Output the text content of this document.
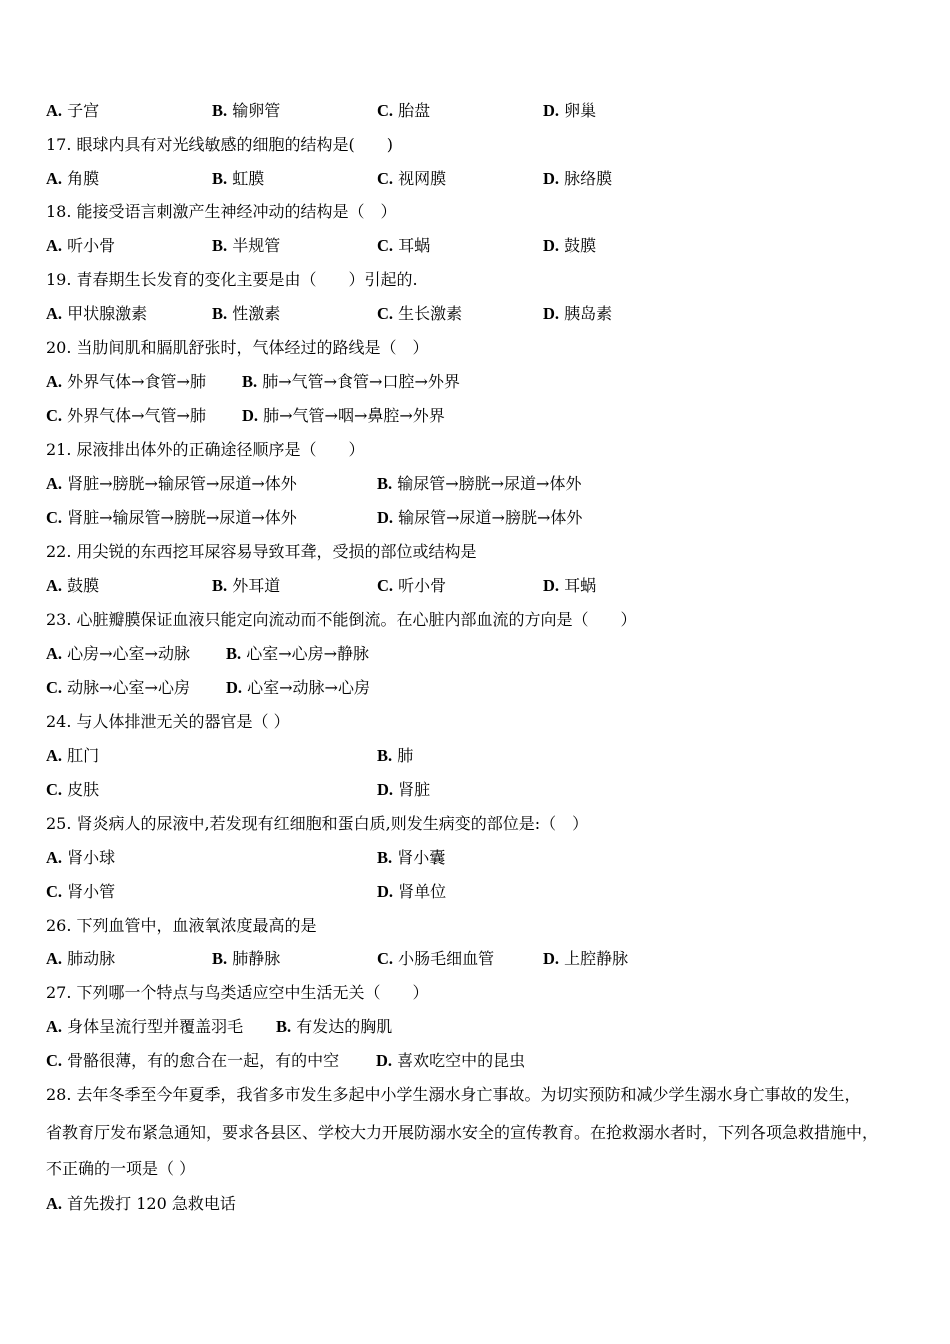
A. 子宫	B. 输卵管	C. 胎盘	D. 卵巢
17. 眼球内具有对光线敏感的细胞的结构是(　　)
A. 角膜	B. 虹膜	C. 视网膜	D. 脉络膜
18. 能接受语言刺激产生神经冲动的结构是（　）
A. 听小骨	B. 半规管	C. 耳蜗	D. 鼓膜
19. 青春期生长发育的变化主要是由（　　）引起的.
A. 甲状腺激素	B. 性激素	C. 生长激素	D. 胰岛素
20. 当肋间肌和膈肌舒张时，气体经过的路线是（　）
A. 外界气体→食管→肺 B. 肺→气管→食管→口腔→外界
C. 外界气体→气管→肺 D. 肺→气管→咽→鼻腔→外界
21. 尿液排出体外的正确途径顺序是（　　）
A. 肾脏→膀胱→输尿管→尿道→体外	B. 输尿管→膀胱→尿道→体外
C. 肾脏→输尿管→膀胱→尿道→体外	D. 输尿管→尿道→膀胱→体外
22. 用尖锐的东西挖耳屎容易导致耳聋，受损的部位或结构是
A. 鼓膜	B. 外耳道	C. 听小骨	D. 耳蜗
23. 心脏瓣膜保证血液只能定向流动而不能倒流。在心脏内部血流的方向是（　　）
A. 心房→心室→动脉 B. 心室→心房→静脉
C. 动脉→心室→心房 D. 心室→动脉→心房
24. 与人体排泄无关的器官是（ ）
A. 肛门	B. 肺
C. 皮肤	D. 肾脏
25. 肾炎病人的尿液中,若发现有红细胞和蛋白质,则发生病变的部位是:（　）
A. 肾小球	B. 肾小囊
C. 肾小管	D. 肾单位
26. 下列血管中，血液氧浓度最高的是
A. 肺动脉	B. 肺静脉	C. 小肠毛细血管	D. 上腔静脉
27. 下列哪一个特点与鸟类适应空中生活无关（　　）
A. 身体呈流行型并覆盖羽毛 B. 有发达的胸肌
C. 骨骼很薄，有的愈合在一起，有的中空 D. 喜欢吃空中的昆虫
28. 去年冬季至今年夏季，我省多市发生多起中小学生溺水身亡事故。为切实预防和减少学生溺水身亡事故的发生，
省教育厅发布紧急通知，要求各县区、学校大力开展防溺水安全的宣传教育。在抢救溺水者时，下列各项急救措施中，
不正确的一项是（ ）
A. 首先拨打 120 急救电话
